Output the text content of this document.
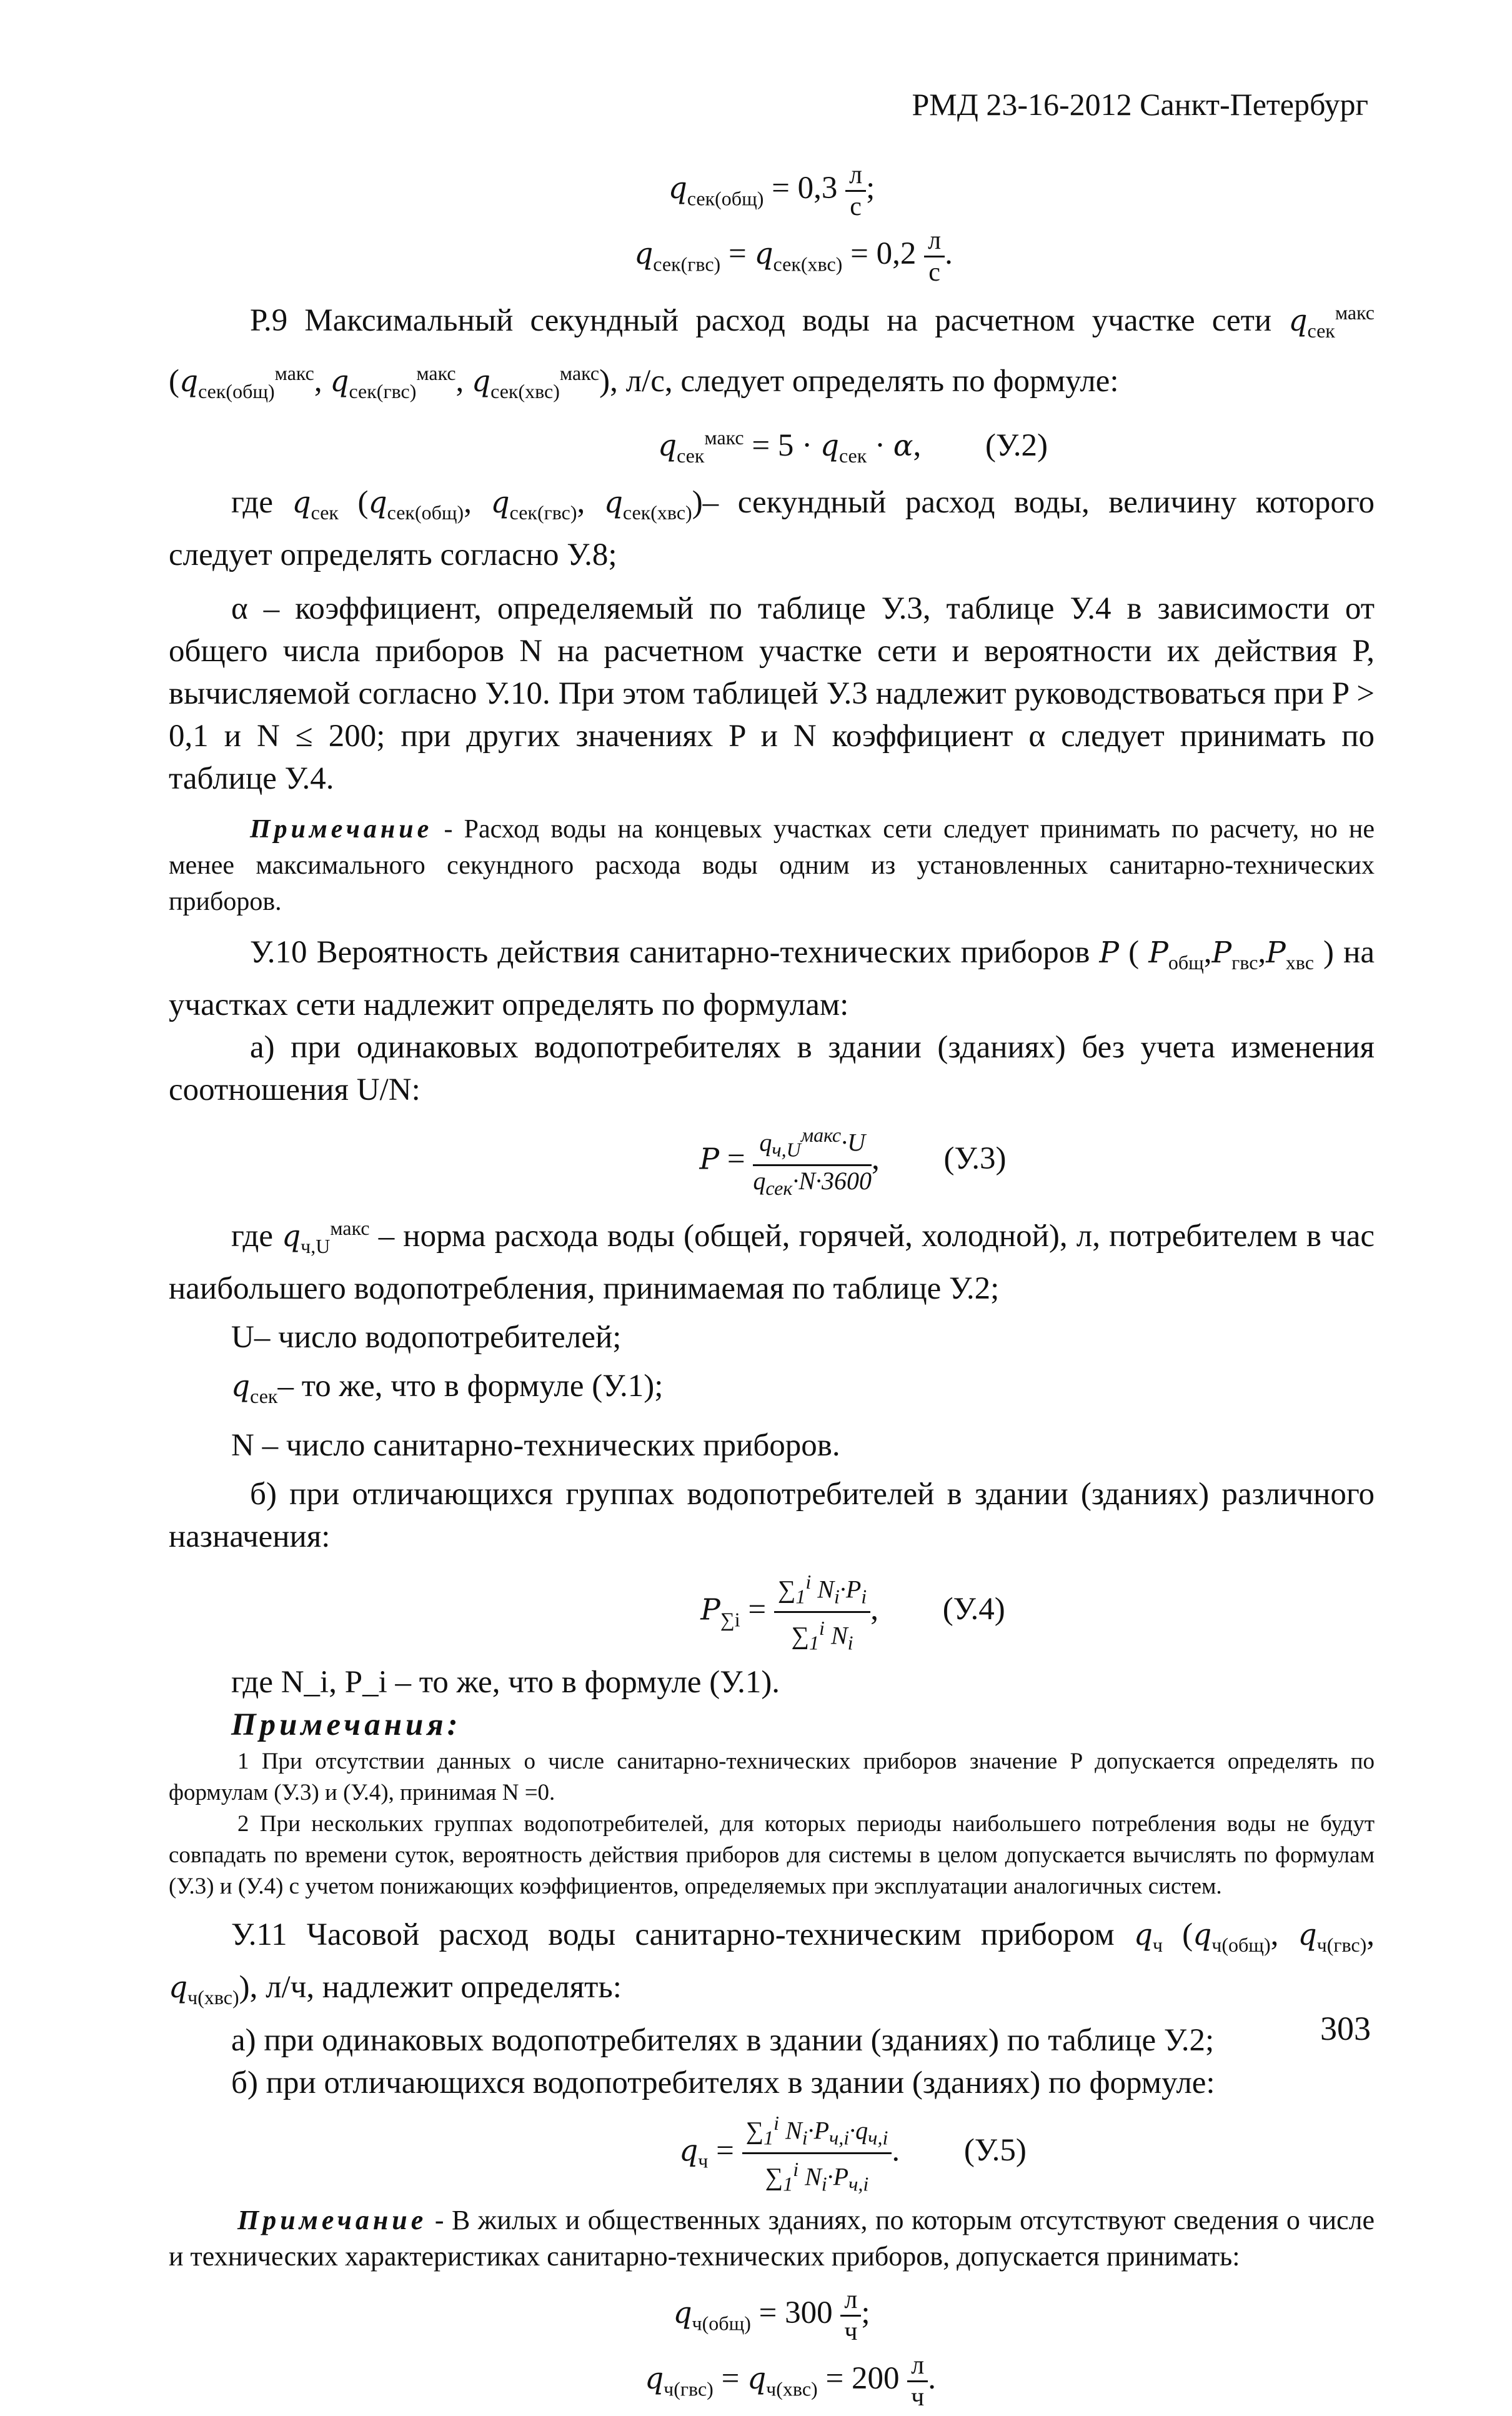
РМД 23-16-2012 Санкт-Петербург
$q_{сек(общ)} = 0,3 \frac{л}{с}$ ;
$q_{сек(гвс)} = q_{сек(хвс)} = 0,2 \frac{л}{с}$ .

Р.9 Максимальный секундный расход воды на расчетном участке сети $q_{сек}^{макс}$ ($q_{сек(общ)}^{макс}$, $q_{сек(гвс)}^{макс}$, $q_{сек(хвс)}^{макс}$), л/с, следует определять по формуле:

$q_{сек}^{макс} = 5 \cdot q_{сек} \cdot \alpha$, (У.2)

где $q_{сек}$ ($q_{сек(общ)}$, $q_{сек(гвс)}$, $q_{сек(хвс)})-$ секундный расход воды, величину которого следует определять согласно У.8;

α – коэффициент, определяемый по таблице У.3, таблице У.4 в зависимости от общего числа приборов N на расчетном участке сети и вероятности их действия P, вычисляемой согласно У.10. При этом таблицей У.3 надлежит руководствоваться при P > 0,1 и N ≤ 200; при других значениях P и N коэффициент α следует принимать по таблице У.4.

Примечание - Расход воды на концевых участках сети следует принимать по расчету, но не менее максимального секундного расхода воды одним из установленных санитарно-технических приборов.

У.10 Вероятность действия санитарно-технических приборов P ( $P_{общ},P_{гвс},P_{хвс}$ ) на участках сети надлежит определять по формулам:

а) при одинаковых водопотребителях в здании (зданиях) без учета изменения соотношения U/N:

$P = \frac{q_{ч,U}^{макс}\cdot U}{q_{сек}\cdot N\cdot 3600}$ , (У.3)

где $q_{ч,U}^{макс}$ – норма расхода воды (общей, горячей, холодной), л, потребителем в час наибольшего водопотребления, принимаемая по таблице У.2;

U– число водопотребителей;

$q_{сек}-$ то же, что в формуле (У.1);

N – число санитарно-технических приборов.

б) при отличающихся группах водопотребителей в здании (зданиях) различного назначения:

$P_{\sum i} = \frac{\sum_1^i N_i\cdot P_i}{\sum_1^i N_i}$ , (У.4)

где N_i, P_i – то же, что в формуле (У.1).

Примечания:

1 При отсутствии данных о числе санитарно-технических приборов значение P допускается определять по формулам (У.3) и (У.4), принимая N =0.

2 При нескольких группах водопотребителей, для которых периоды наибольшего потребления воды не будут совпадать по времени суток, вероятность действия приборов для системы в целом допускается вычислять по формулам (У.3) и (У.4) с учетом понижающих коэффициентов, определяемых при эксплуатации аналогичных систем.

У.11 Часовой расход воды санитарно-техническим прибором $q_ч$ ($q_{ч(общ)}$, $q_{ч(гвс)}$, $q_{ч(хвс)}$), л/ч, надлежит определять:

а) при одинаковых водопотребителях в здании (зданиях) по таблице У.2;

б) при отличающихся водопотребителях в здании (зданиях) по формуле:

$q_ч = \frac{\sum_1^i N_i\cdot P_{ч,i}\cdot q_{ч,i}}{\sum_1^i N_i\cdot P_{ч,i}}$ . (У.5)

Примечание - В жилых и общественных зданиях, по которым отсутствуют сведения о числе и технических характеристиках санитарно-технических приборов, допускается принимать:

$q_{ч(общ)} = 300 \frac{л}{ч}$ ;
$q_{ч(гвс)} = q_{ч(хвс)} = 200 \frac{л}{ч}$ .
303
